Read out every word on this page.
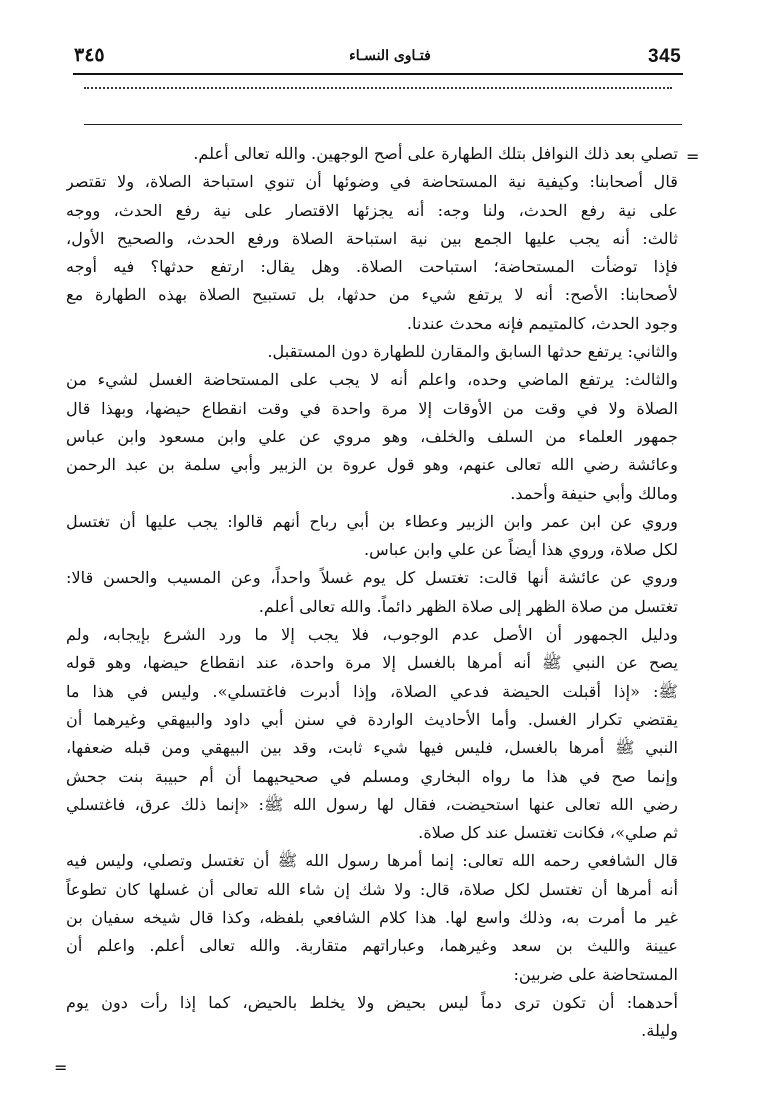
345
فتـاوى النسـاء
٣٤٥
=
تصلي بعد ذلك النوافل بتلك الطهارة على أصح الوجهين. والله تعالى أعلم.
قال أصحابنا: وكيفية نية المستحاضة في وضوئها أن تنوي استباحة الصلاة، ولا تقتصر
على نية رفع الحدث، ولنا وجه: أنه يجزئها الاقتصار على نية رفع الحدث، ووجه
ثالث: أنه يجب عليها الجمع بين نية استباحة الصلاة ورفع الحدث، والصحيح الأول،
فإذا توضأت المستحاضة؛ استباحت الصلاة. وهل يقال: ارتفع حدثها؟ فيه أوجه
لأصحابنا: الأصح: أنه لا يرتفع شيء من حدثها، بل تستبيح الصلاة بهذه الطهارة مع
وجود الحدث، كالمتيمم فإنه محدث عندنا.
والثاني: يرتفع حدثها السابق والمقارن للطهارة دون المستقبل.
والثالث: يرتفع الماضي وحده، واعلم أنه لا يجب على المستحاضة الغسل لشيء من
الصلاة ولا في وقت من الأوقات إلا مرة واحدة في وقت انقطاع حيضها، وبهذا قال
جمهور العلماء من السلف والخلف، وهو مروي عن علي وابن مسعود وابن عباس
وعائشة رضي الله تعالى عنهم، وهو قول عروة بن الزبير وأبي سلمة بن عبد الرحمن
ومالك وأبي حنيفة وأحمد.
وروي عن ابن عمر وابن الزبير وعطاء بن أبي رباح أنهم قالوا: يجب عليها أن تغتسل
لكل صلاة، وروي هذا أيضاً عن علي وابن عباس.
وروي عن عائشة أنها قالت: تغتسل كل يوم غسلاً واحداً، وعن المسيب والحسن قالا:
تغتسل من صلاة الظهر إلى صلاة الظهر دائماً. والله تعالى أعلم.
ودليل الجمهور أن الأصل عدم الوجوب، فلا يجب إلا ما ورد الشرع بإيجابه، ولم
يصح عن النبي ﷺ أنه أمرها بالغسل إلا مرة واحدة، عند انقطاع حيضها، وهو قوله
ﷺ: «إذا أقبلت الحيضة فدعي الصلاة، وإذا أدبرت فاغتسلي». وليس في هذا ما
يقتضي تكرار الغسل. وأما الأحاديث الواردة في سنن أبي داود والبيهقي وغيرهما أن
النبي ﷺ أمرها بالغسل، فليس فيها شيء ثابت، وقد بين البيهقي ومن قبله ضعفها،
وإنما صح في هذا ما رواه البخاري ومسلم في صحيحيهما أن أم حبيبة بنت جحش
رضي الله تعالى عنها استحيضت، فقال لها رسول الله ﷺ: «إنما ذلك عرق، فاغتسلي
ثم صلي»، فكانت تغتسل عند كل صلاة.
قال الشافعي رحمه الله تعالى: إنما أمرها رسول الله ﷺ أن تغتسل وتصلي، وليس فيه
أنه أمرها أن تغتسل لكل صلاة، قال: ولا شك إن شاء الله تعالى أن غسلها كان تطوعاً
غير ما أمرت به، وذلك واسع لها. هذا كلام الشافعي بلفظه، وكذا قال شيخه سفيان بن
عيينة والليث بن سعد وغيرهما، وعباراتهم متقاربة. والله تعالى أعلم. واعلم أن
المستحاضة على ضربين:
أحدهما: أن تكون ترى دماً ليس بحيض ولا يخلط بالحيض، كما إذا رأت دون يوم
وليلة.
=
